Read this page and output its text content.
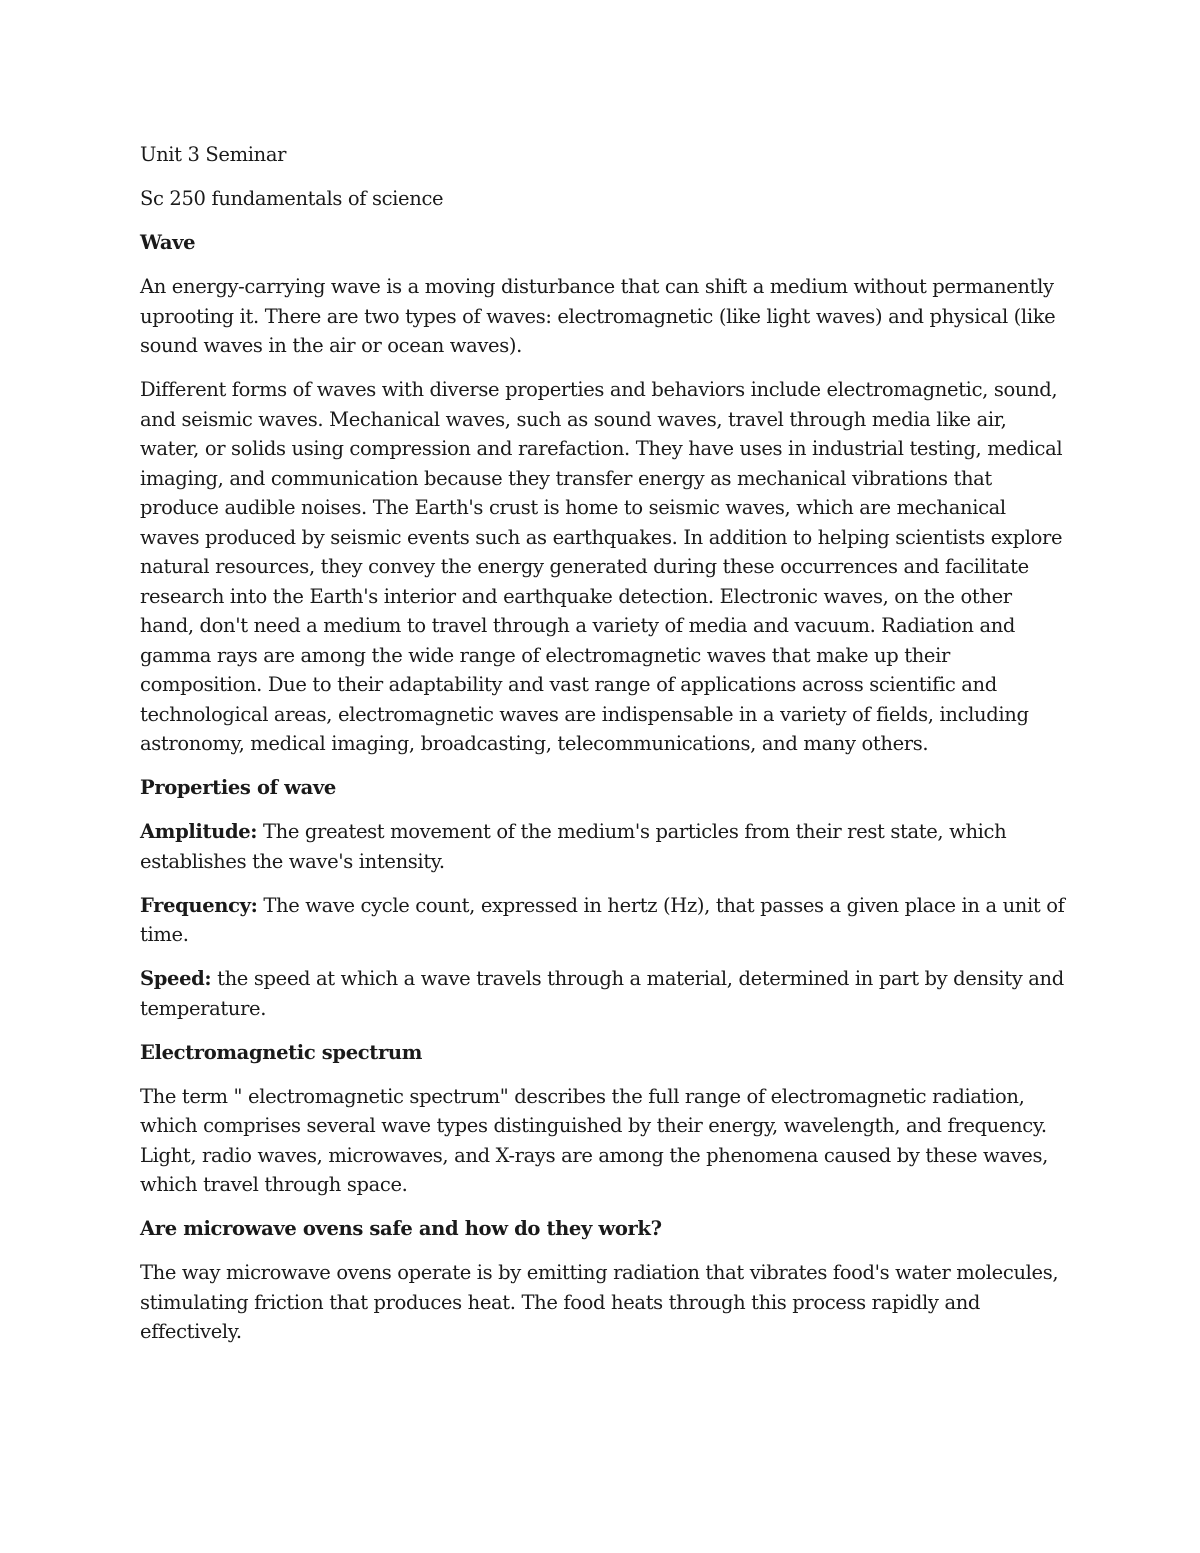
Unit 3 Seminar

Sc 250 fundamentals of science

Wave

An energy-carrying wave is a moving disturbance that can shift a medium without permanently uprooting it. There are two types of waves: electromagnetic (like light waves) and physical (like sound waves in the air or ocean waves).

Different forms of waves with diverse properties and behaviors include electromagnetic, sound, and seismic waves. Mechanical waves, such as sound waves, travel through media like air, water, or solids using compression and rarefaction. They have uses in industrial testing, medical imaging, and communication because they transfer energy as mechanical vibrations that produce audible noises. The Earth's crust is home to seismic waves, which are mechanical waves produced by seismic events such as earthquakes. In addition to helping scientists explore natural resources, they convey the energy generated during these occurrences and facilitate research into the Earth's interior and earthquake detection. Electronic waves, on the other hand, don't need a medium to travel through a variety of media and vacuum. Radiation and gamma rays are among the wide range of electromagnetic waves that make up their composition. Due to their adaptability and vast range of applications across scientific and technological areas, electromagnetic waves are indispensable in a variety of fields, including astronomy, medical imaging, broadcasting, telecommunications, and many others.

Properties of wave

Amplitude: The greatest movement of the medium's particles from their rest state, which establishes the wave's intensity.

Frequency: The wave cycle count, expressed in hertz (Hz), that passes a given place in a unit of time.

Speed: the speed at which a wave travels through a material, determined in part by density and temperature.

Electromagnetic spectrum

The term " electromagnetic spectrum" describes the full range of electromagnetic radiation, which comprises several wave types distinguished by their energy, wavelength, and frequency. Light, radio waves, microwaves, and X-rays are among the phenomena caused by these waves, which travel through space.

Are microwave ovens safe and how do they work?

The way microwave ovens operate is by emitting radiation that vibrates food's water molecules, stimulating friction that produces heat. The food heats through this process rapidly and effectively.
